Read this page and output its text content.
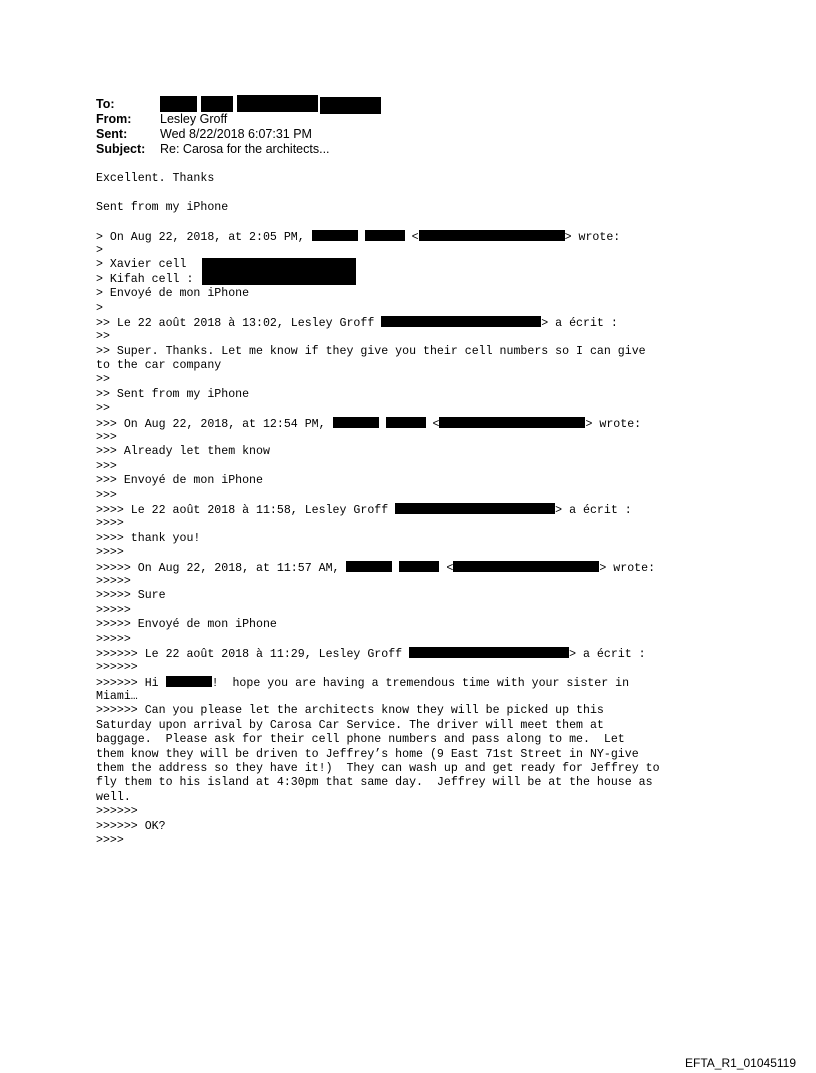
To:
From: Lesley Groff
Sent:	Wed 8/22/2018 6:07:31 PM
Subject: Re: Carosa for the architects...
Excellent. Thanks
Sent from my iPhone
> On Aug 22, 2018, at 2:05 PM,	<	> wrote:
>
> Xavier cell
> Kifah cell :
> Envoyé de mon iPhone
>
>> Le 22 août 2018 à 13:02, Lesley Groff	> a écrit :
>>
>> Super. Thanks. Let me know if they give you their cell numbers so I can give
to the car company
>>
>> Sent from my iPhone
>>
>>> On Aug 22, 2018, at 12:54 PM,	<	> wrote:
>>>
>>> Already let them know
>>>
>>> Envoyé de mon iPhone
>>>
>>>> Le 22 août 2018 à 11:58, Lesley Groff	> a écrit :
>>>>
>>>> thank you!
>>>>
>>>>> On Aug 22, 2018, at 11:57 AM,	<	> wrote:
>>>>>
>>>>> Sure
>>>>>
>>>>> Envoyé de mon iPhone
>>>>>
>>>>>> Le 22 août 2018 à 11:29, Lesley Groff	> a écrit :
>>>>>>
>>>>>> Hi	!  hope you are having a tremendous time with your sister in
Miami…
>>>>>> Can you please let the architects know they will be picked up this
Saturday upon arrival by Carosa Car Service. The driver will meet them at
baggage.  Please ask for their cell phone numbers and pass along to me.  Let
them know they will be driven to Jeffrey’s home (9 East 71st Street in NY-give
them the address so they have it!)  They can wash up and get ready for Jeffrey to
fly them to his island at 4:30pm that same day.  Jeffrey will be at the house as
well.
>>>>>>
>>>>>> OK?
>>>>
EFTA_R1_01045119
